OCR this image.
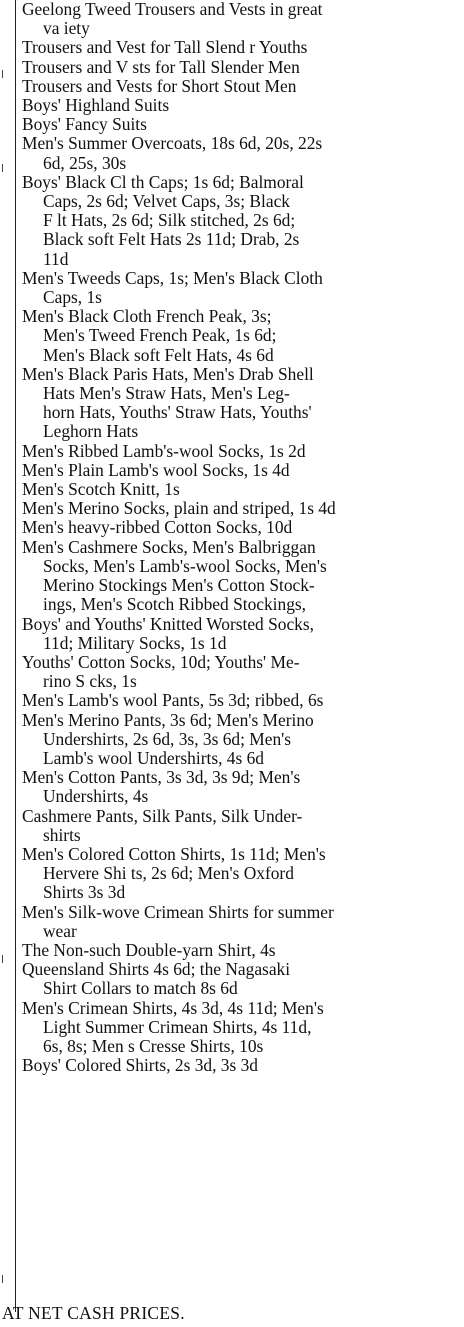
Geelong Tweed Trousers and Vests in great
va iety

Trousers and Vest for Tall Slend r Youths

Trousers and V sts for Tall Slender Men

Trousers and Vests for Short Stout Men

Boys' Highland Suits

Boys' Fancy Suits

Men's Summer Overcoats, 18s 6d, 20s, 22s
6d, 25s, 30s

Boys' Black Cl th Caps; 1s 6d; Balmoral
Caps, 2s 6d; Velvet Caps, 3s; Black
F lt Hats, 2s 6d; Silk stitched, 2s 6d;
Black soft Felt Hats 2s 11d; Drab, 2s
11d

Men's Tweeds Caps, 1s; Men's Black Cloth
Caps, 1s

Men's Black Cloth French Peak, 3s;
Men's Tweed French Peak, 1s 6d;
Men's Black soft Felt Hats, 4s 6d

Men's Black Paris Hats, Men's Drab Shell
Hats Men's Straw Hats, Men's Leg-
horn Hats, Youths' Straw Hats, Youths'
Leghorn Hats

Men's Ribbed Lamb's-wool Socks, 1s 2d

Men's Plain Lamb's wool Socks, 1s 4d

Men's Scotch Knitt, 1s

Men's Merino Socks, plain and striped, 1s 4d

Men's heavy-ribbed Cotton Socks, 10d

Men's Cashmere Socks, Men's Balbriggan
Socks, Men's Lamb's-wool Socks, Men's
Merino Stockings Men's Cotton Stock-
ings, Men's Scotch Ribbed Stockings,

Boys' and Youths' Knitted Worsted Socks,
11d; Military Socks, 1s 1d

Youths' Cotton Socks, 10d; Youths' Me-
rino S cks, 1s

Men's Lamb's wool Pants, 5s 3d; ribbed, 6s

Men's Merino Pants, 3s 6d; Men's Merino
Undershirts, 2s 6d, 3s, 3s 6d; Men's
Lamb's wool Undershirts, 4s 6d

Men's Cotton Pants, 3s 3d, 3s 9d; Men's
Undershirts, 4s

Cashmere Pants, Silk Pants, Silk Under-
shirts

Men's Colored Cotton Shirts, 1s 11d; Men's
Hervere Shi ts, 2s 6d; Men's Oxford
Shirts 3s 3d

Men's Silk-wove Crimean Shirts for summer
wear

The Non-such Double-yarn Shirt, 4s

Queensland Shirts 4s 6d; the Nagasaki
Shirt Collars to match 8s 6d

Men's Crimean Shirts, 4s 3d, 4s 11d; Men's
Light Summer Crimean Shirts, 4s 11d,
6s, 8s; Men s Cresse Shirts, 10s

Boys' Colored Shirts, 2s 3d, 3s 3d

AT NET CASH PRICES.
